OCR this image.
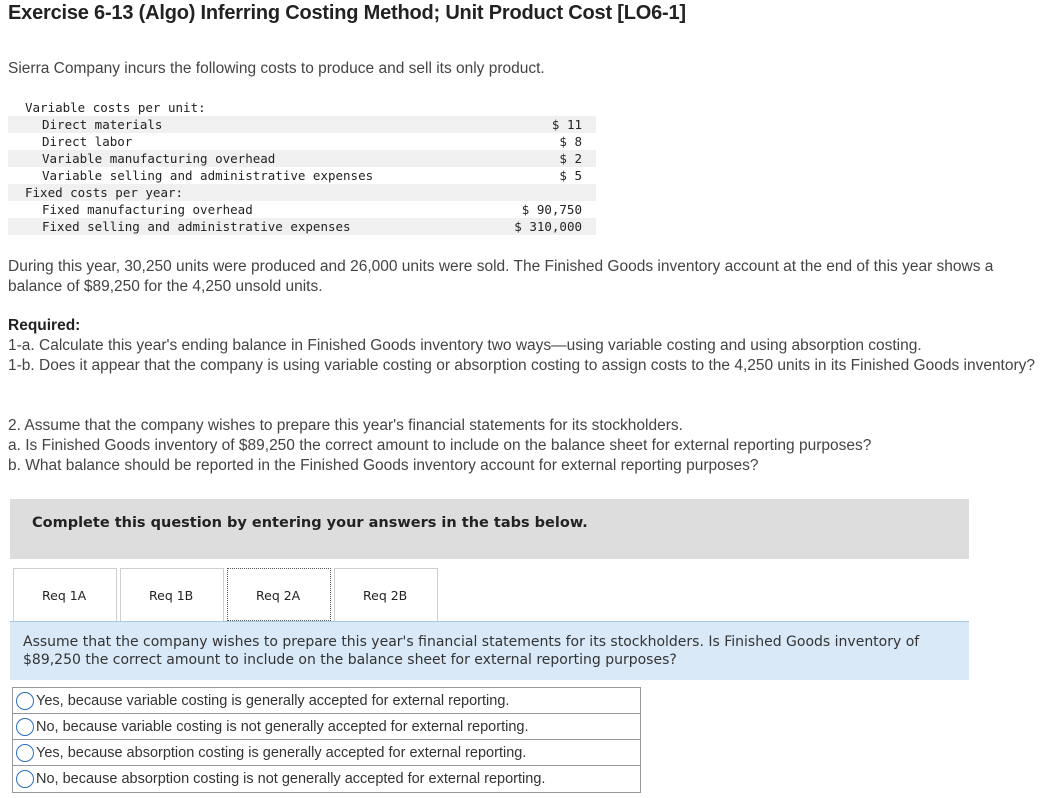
Exercise 6-13 (Algo) Inferring Costing Method; Unit Product Cost [LO6-1]
Sierra Company incurs the following costs to produce and sell its only product.
Variable costs per unit:
Direct materials	$ 11
Direct labor	$ 8
Variable manufacturing overhead	$ 2
Variable selling and administrative expenses	$ 5
Fixed costs per year:
Fixed manufacturing overhead	$ 90,750
Fixed selling and administrative expenses	$ 310,000
During this year, 30,250 units were produced and 26,000 units were sold. The Finished Goods inventory account at the end of this year shows a balance of $89,250 for the 4,250 unsold units.
Required:
1-a. Calculate this year's ending balance in Finished Goods inventory two ways—using variable costing and using absorption costing.
1-b. Does it appear that the company is using variable costing or absorption costing to assign costs to the 4,250 units in its Finished Goods inventory?
2. Assume that the company wishes to prepare this year's financial statements for its stockholders.
a. Is Finished Goods inventory of $89,250 the correct amount to include on the balance sheet for external reporting purposes?
b. What balance should be reported in the Finished Goods inventory account for external reporting purposes?
Complete this question by entering your answers in the tabs below.
Req 1A	Req 1B	Req 2A	Req 2B
Assume that the company wishes to prepare this year's financial statements for its stockholders. Is Finished Goods inventory of $89,250 the correct amount to include on the balance sheet for external reporting purposes?
Yes, because variable costing is generally accepted for external reporting.
No, because variable costing is not generally accepted for external reporting.
Yes, because absorption costing is generally accepted for external reporting.
No, because absorption costing is not generally accepted for external reporting.
